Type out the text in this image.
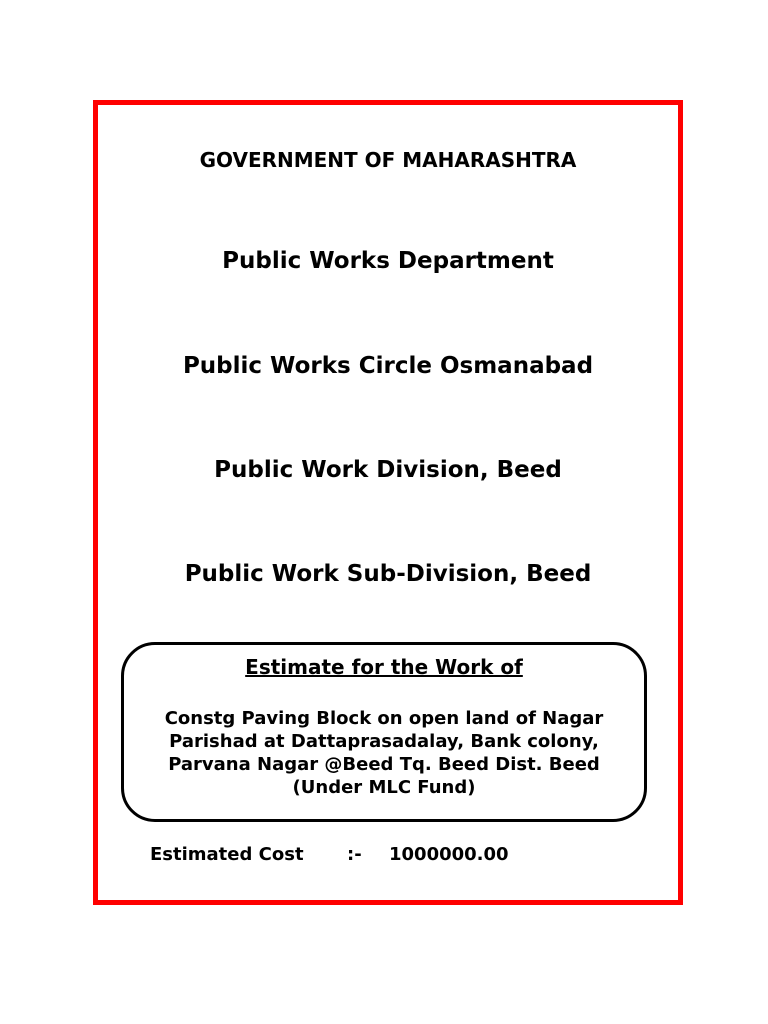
GOVERNMENT OF MAHARASHTRA
Public Works Department
Public Works Circle Osmanabad
Public Work Division, Beed
Public Work Sub-Division, Beed
Estimate for the Work of
Constg Paving Block on open land of Nagar Parishad at Dattaprasadalay, Bank colony, Parvana Nagar @Beed Tq. Beed Dist. Beed (Under MLC Fund)
Estimated Cost :- 1000000.00
